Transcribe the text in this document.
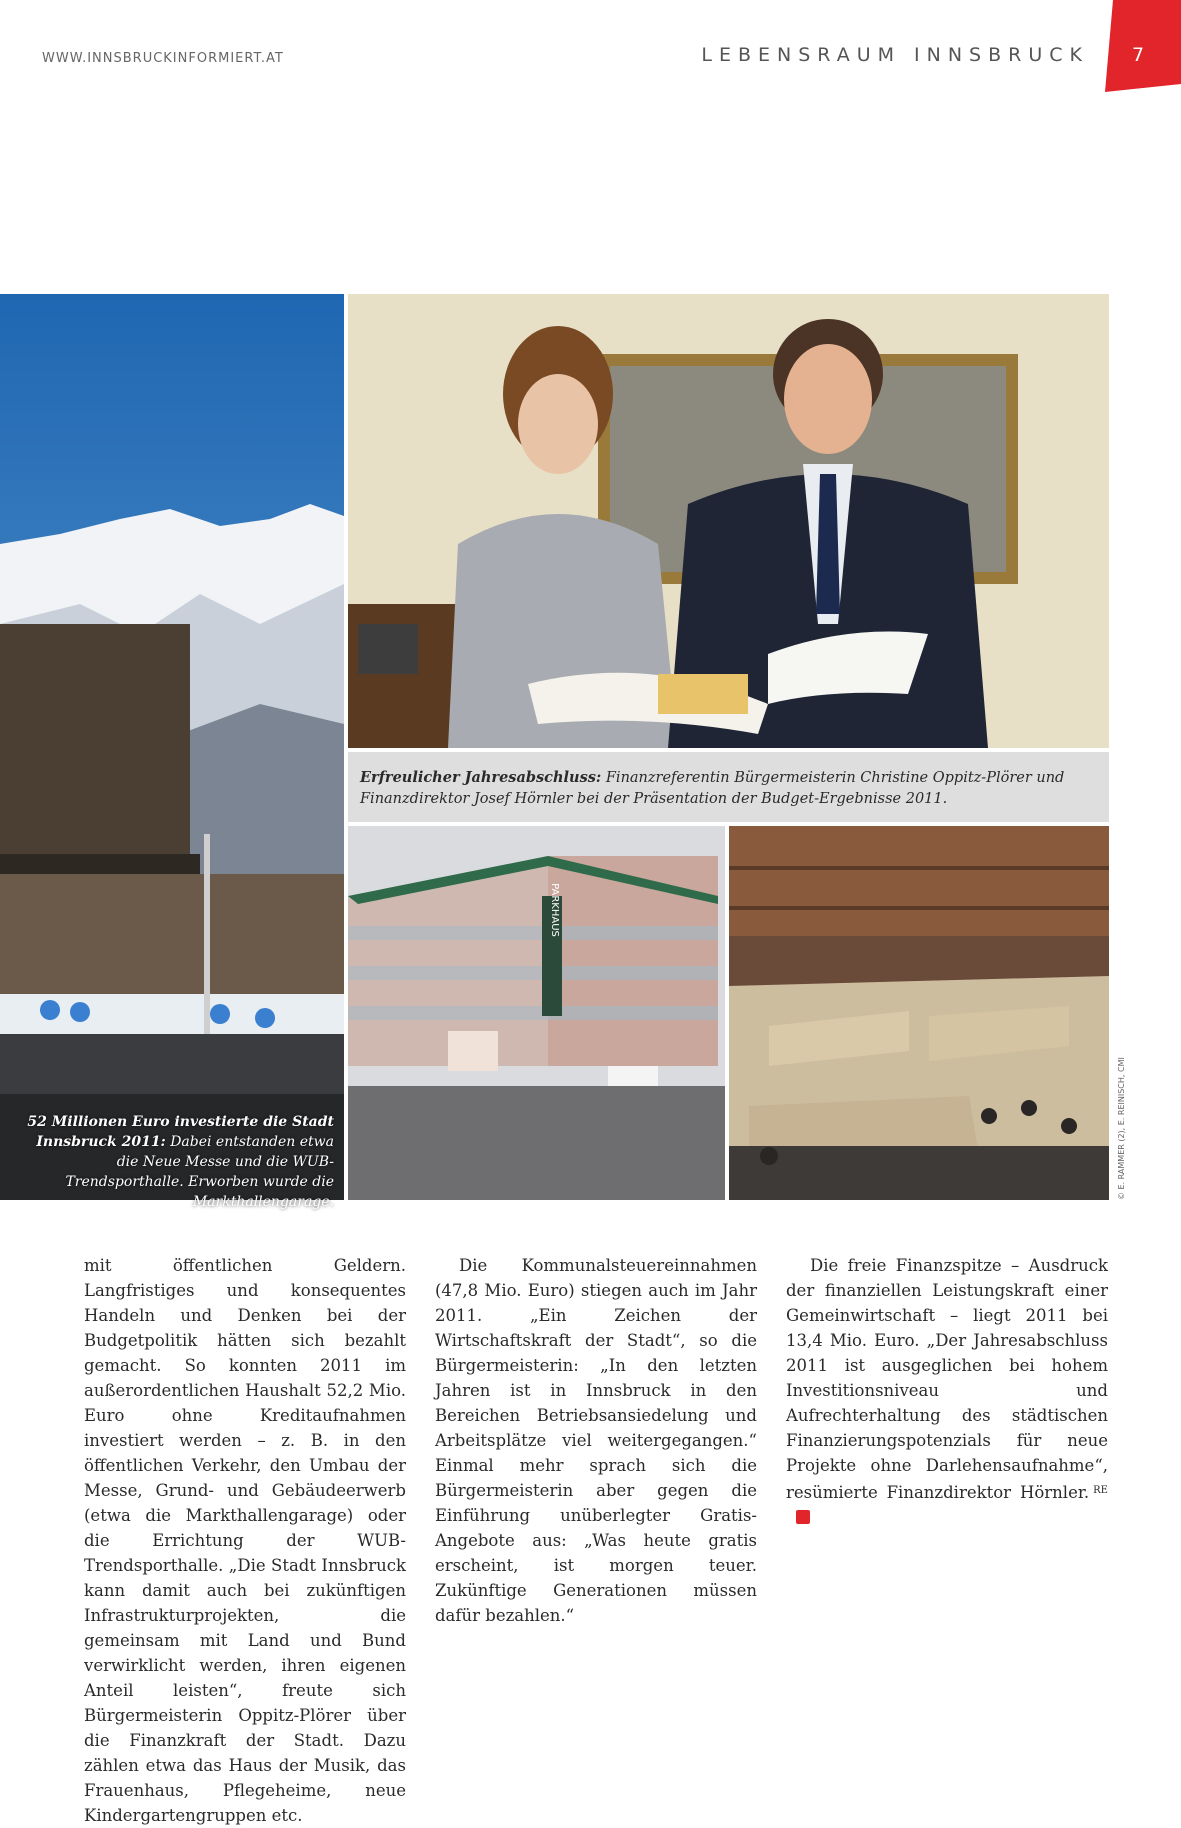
WWW.INNSBRUCKINFORMIERT.AT	LEBENSRAUM INNSBRUCK 7
52 Millionen Euro investierte die Stadt Innsbruck 2011: Dabei entstanden etwa die Neue Messe und die WUB-Trendsporthalle. Erworben wurde die Markthallengarage.
Erfreulicher Jahresabschluss: Finanzreferentin Bürgermeisterin Christine Oppitz-Plörer und Finanzdirektor Josef Hörnler bei der Präsentation der Budget-Ergebnisse 2011.
PARKHAUS
© E. RAMMER (2), E. REINISCH, CMI

mit öffentlichen Geldern. Langfristiges und konsequentes Handeln und Denken bei der Budgetpolitik hätten sich bezahlt gemacht. So konnten 2011 im außerordentlichen Haushalt 52,2 Mio. Euro ohne Kreditaufnahmen investiert werden – z. B. in den öffentlichen Verkehr, den Umbau der Messe, Grund- und Gebäudeerwerb (etwa die Markthallengarage) oder die Errichtung der WUB-Trendsporthalle. „Die Stadt Innsbruck kann damit auch bei zukünftigen Infrastrukturprojekten, die gemeinsam mit Land und Bund verwirklicht werden, ihren eigenen Anteil leisten“, freute sich Bürgermeisterin Oppitz-Plörer über die Finanzkraft der Stadt. Dazu zählen etwa das Haus der Musik, das Frauenhaus, Pflegeheime, neue Kindergartengruppen etc.

Die Kommunalsteuereinnahmen (47,8 Mio. Euro) stiegen auch im Jahr 2011. „Ein Zeichen der Wirtschaftskraft der Stadt“, so die Bürgermeisterin: „In den letzten Jahren ist in Innsbruck in den Bereichen Betriebsansiedelung und Arbeitsplätze viel weitergegangen.“ Einmal mehr sprach sich die Bürgermeisterin aber gegen die Einführung unüberlegter Gratis-Angebote aus: „Was heute gratis erscheint, ist morgen teuer. Zukünftige Generationen müssen dafür bezahlen.“

Die freie Finanzspitze – Ausdruck der finanziellen Leistungskraft einer Gemeinwirtschaft – liegt 2011 bei 13,4 Mio. Euro. „Der Jahresabschluss 2011 ist ausgeglichen bei hohem Investitionsniveau und Aufrechterhaltung des städtischen Finanzierungspotenzials für neue Projekte ohne Darlehensaufnahme“, resümierte Finanzdirektor Hörnler. $^{RE}$
